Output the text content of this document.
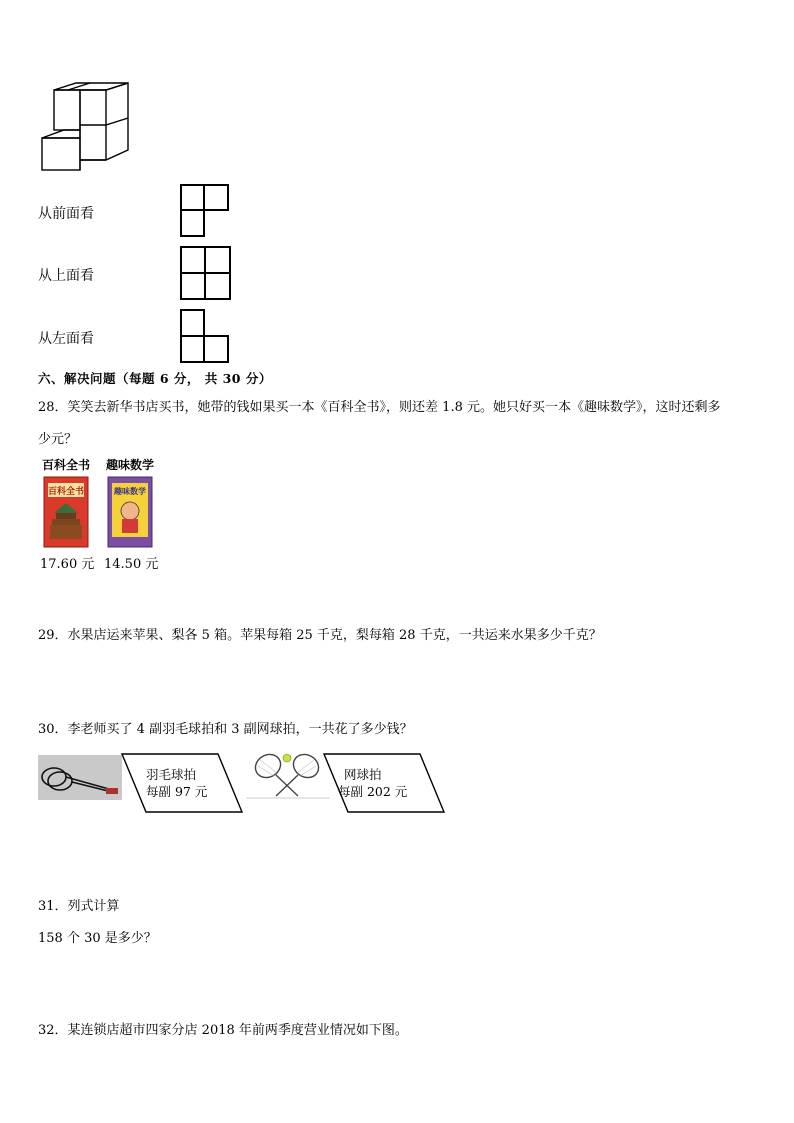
从前面看
从上面看
从左面看
六、解决问题（每题 6 分， 共 30 分）
28．笑笑去新华书店买书，她带的钱如果买一本《百科全书》，则还差 1.8 元。她只好买一本《趣味数学》，这时还剩多
少元？
百科全书
百科全书
17.60 元
趣味数学
趣味数学
14.50 元
29．水果店运来苹果、梨各 5 箱。苹果每箱 25 千克，梨每箱 28 千克，一共运来水果多少千克？
30．李老师买了 4 副羽毛球拍和 3 副网球拍，一共花了多少钱？
羽毛球拍
每副 97 元
网球拍
每副 202 元
31．列式计算
158 个 30 是多少？
32．某连锁店超市四家分店 2018 年前两季度营业情况如下图。
